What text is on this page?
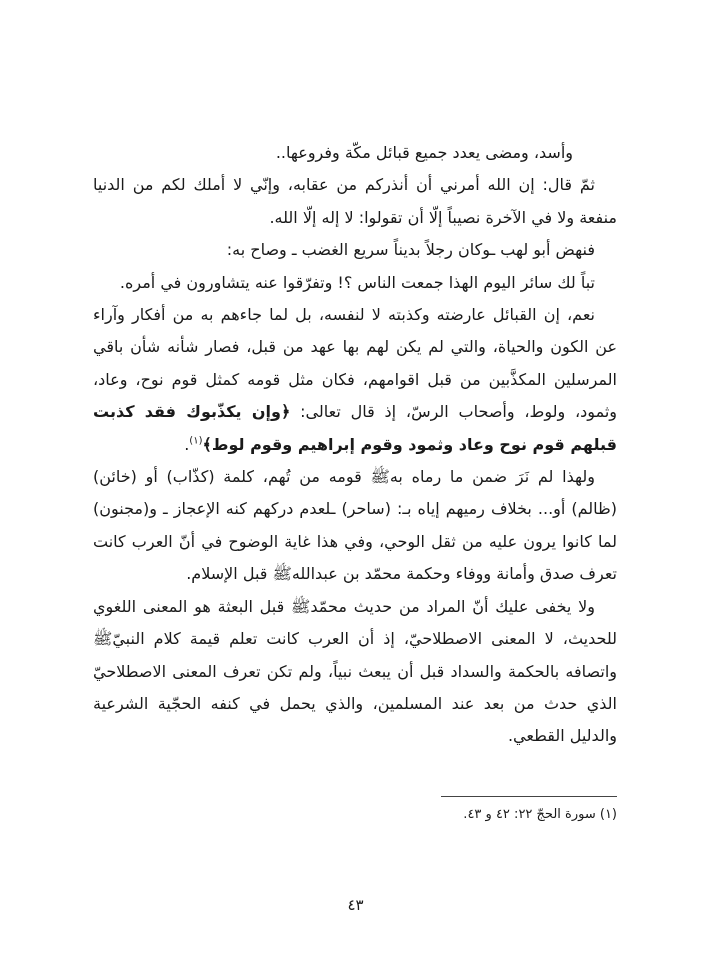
وأسد، ومضى يعدد جميع قبائل مكّة وفروعها..

ثمّ قال: إن الله أمرني أن أنذركم من عقابه، وإنّي لا أملك لكم من الدنيا منفعة ولا في الآخرة نصيباً إلّا أن تقولوا: لا إله إلّا الله.

فنهض أبو لهب ـوكان رجلاً بديناً سريع الغضب ـ وصاح به:

تباً لك سائر اليوم الهذا جمعت الناس ؟! وتفرّقوا عنه يتشاورون في أمره.

نعم، إن القبائل عارضته وكذبته لا لنفسه، بل لما جاءهم به من أفكار وآراء عن الكون والحياة، والتي لم يكن لهم بها عهد من قبل، فصار شأنه شأن باقي المرسلين المكذَّبين من قبل اقوامهم، فكان مثل قومه كمثل قوم نوح، وعاد، وثمود، ولوط، وأصحاب الرسّ، إذ قال تعالى: ﴿وإن يكذّبوك فقد كذبت قبلهم قوم نوح وعاد وثمود وقوم إبراهيم وقوم لوط﴾$^{(١)}$.

ولهذا لم نَرَ ضمن ما رماه بهﷺ قومه من تُهم، كلمة (كذّاب) أو (خائن) (ظالم) أو... بخلاف رميهم إياه بـ: (ساحر) ـلعدم دركهم كنه الإعجاز ـ و(مجنون) لما كانوا يرون عليه من ثقل الوحي، وفي هذا غاية الوضوح في أنّ العرب كانت تعرف صدق وأمانة ووفاء وحكمة محمّد بن عبداللهﷺ قبل الإسلام.

ولا يخفى عليك أنّ المراد من حديث محمّدﷺ قبل البعثة هو المعنى اللغوي للحديث، لا المعنى الاصطلاحيّ، إذ أن العرب كانت تعلم قيمة كلام النبيّﷺ واتصافه بالحكمة والسداد قبل أن يبعث نبياً، ولم تكن تعرف المعنى الاصطلاحيّ الذي حدث من بعد عند المسلمين، والذي يحمل في كنفه الحجّية الشرعية والدليل القطعي.

(١) سورة الحجّ ٢٢: ٤٢ و ٤٣.
٤٣
